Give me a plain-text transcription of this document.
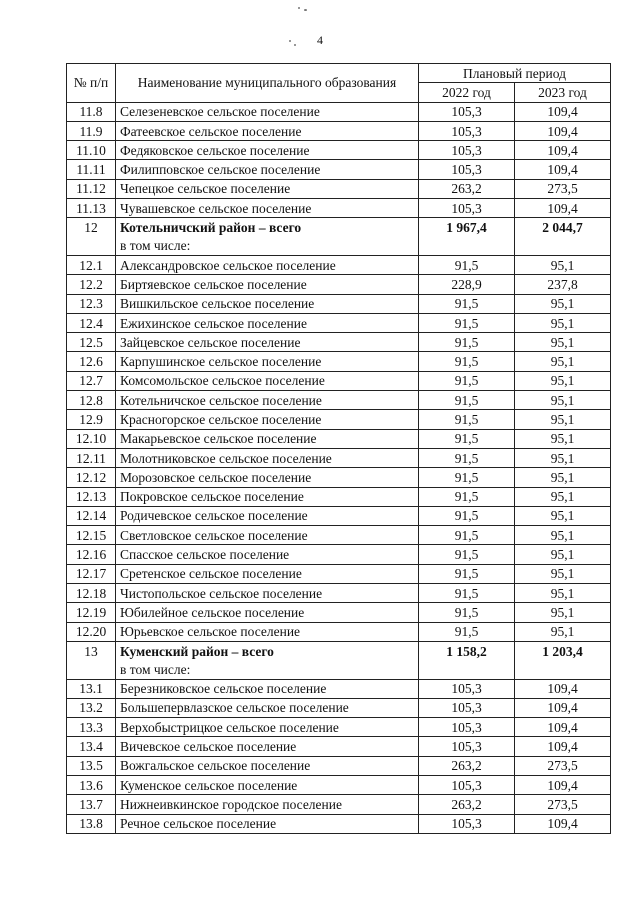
4
№ п/п	Наименование муниципального образования	Плановый период	
		2022 год	2023 год
11.8	Селезеневское сельское поселение	105,3	109,4
11.9	Фатеевское сельское поселение	105,3	109,4
11.10	Федяковское сельское поселение	105,3	109,4
11.11	Филипповское сельское поселение	105,3	109,4
11.12	Чепецкое сельское поселение	263,2	273,5
11.13	Чувашевское сельское поселение	105,3	109,4
12	Котельничский район – всего	1 967,4	2 044,7
	в том числе:		
12.1	Александровское сельское поселение	91,5	95,1
12.2	Биртяевское сельское поселение	228,9	237,8
12.3	Вишкильское сельское поселение	91,5	95,1
12.4	Ежихинское сельское поселение	91,5	95,1
12.5	Зайцевское сельское поселение	91,5	95,1
12.6	Карпушинское сельское поселение	91,5	95,1
12.7	Комсомольское сельское поселение	91,5	95,1
12.8	Котельничское сельское поселение	91,5	95,1
12.9	Красногорское сельское поселение	91,5	95,1
12.10	Макарьевское сельское поселение	91,5	95,1
12.11	Молотниковское сельское поселение	91,5	95,1
12.12	Морозовское сельское поселение	91,5	95,1
12.13	Покровское сельское поселение	91,5	95,1
12.14	Родичевское сельское поселение	91,5	95,1
12.15	Светловское сельское поселение	91,5	95,1
12.16	Спасское сельское поселение	91,5	95,1
12.17	Сретенское сельское поселение	91,5	95,1
12.18	Чистопольское сельское поселение	91,5	95,1
12.19	Юбилейное сельское поселение	91,5	95,1
12.20	Юрьевское сельское поселение	91,5	95,1
13	Куменский район – всего	1 158,2	1 203,4
	в том числе:		
13.1	Березниковское сельское поселение	105,3	109,4
13.2	Большепервлазское сельское поселение	105,3	109,4
13.3	Верхобыстрицкое сельское поселение	105,3	109,4
13.4	Вичевское сельское поселение	105,3	109,4
13.5	Вожгальское сельское поселение	263,2	273,5
13.6	Куменское сельское поселение	105,3	109,4
13.7	Нижнеивкинское городское поселение	263,2	273,5
13.8	Речное сельское поселение	105,3	109,4
